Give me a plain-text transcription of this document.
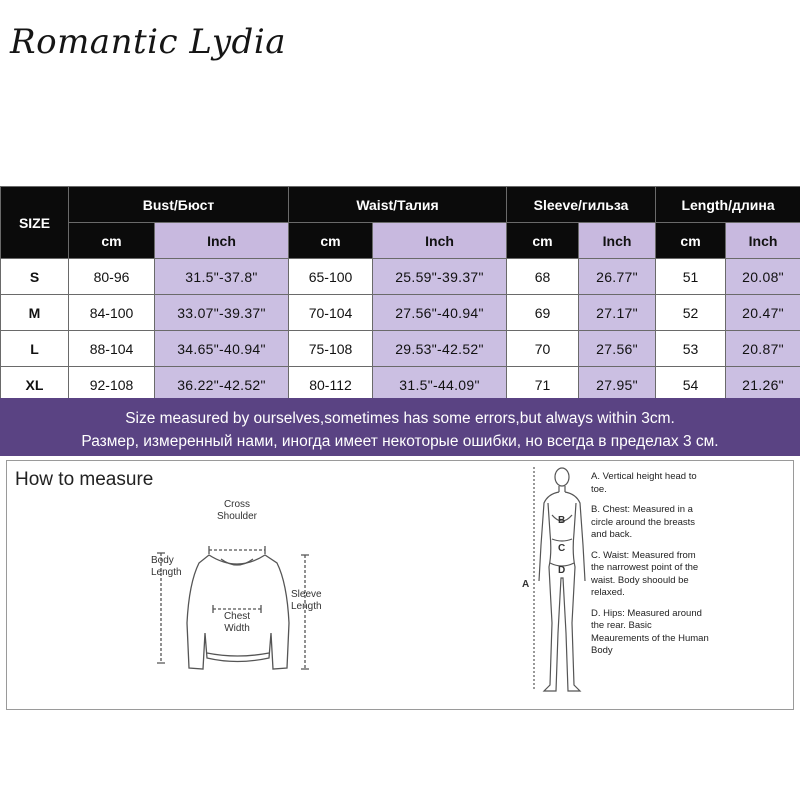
Romantic Lydia
SIZE	Bust/Бюст		Waist/Талия		Sleeve/гильза		Length/длина	
	cm	Inch	cm	Inch	cm	Inch	cm	Inch
S	80-96	31.5"-37.8"	65-100	25.59"-39.37"	68	26.77"	51	20.08"
M	84-100	33.07"-39.37"	70-104	27.56"-40.94"	69	27.17"	52	20.47"
L	88-104	34.65"-40.94"	75-108	29.53"-42.52"	70	27.56"	53	20.87"
XL	92-108	36.22"-42.52"	80-112	31.5"-44.09"	71	27.95"	54	21.26"
Size measured by ourselves,sometimes has some errors,but always within 3cm.
Размер, измеренный нами, иногда имеет некоторые ошибки, но всегда в пределах 3 см.
How to measure
Cross
Shoulder
Body
Length
Chest
Width
Sleeve
Length
A
B
C
D
A. Vertical height head to toe.
B. Chest: Measured in a circle around the breasts and back.
C. Waist: Measured from the narrowest point of the waist. Body shoould be relaxed.
D. Hips: Measured around the rear. Basic Meaurements of the Human Body
